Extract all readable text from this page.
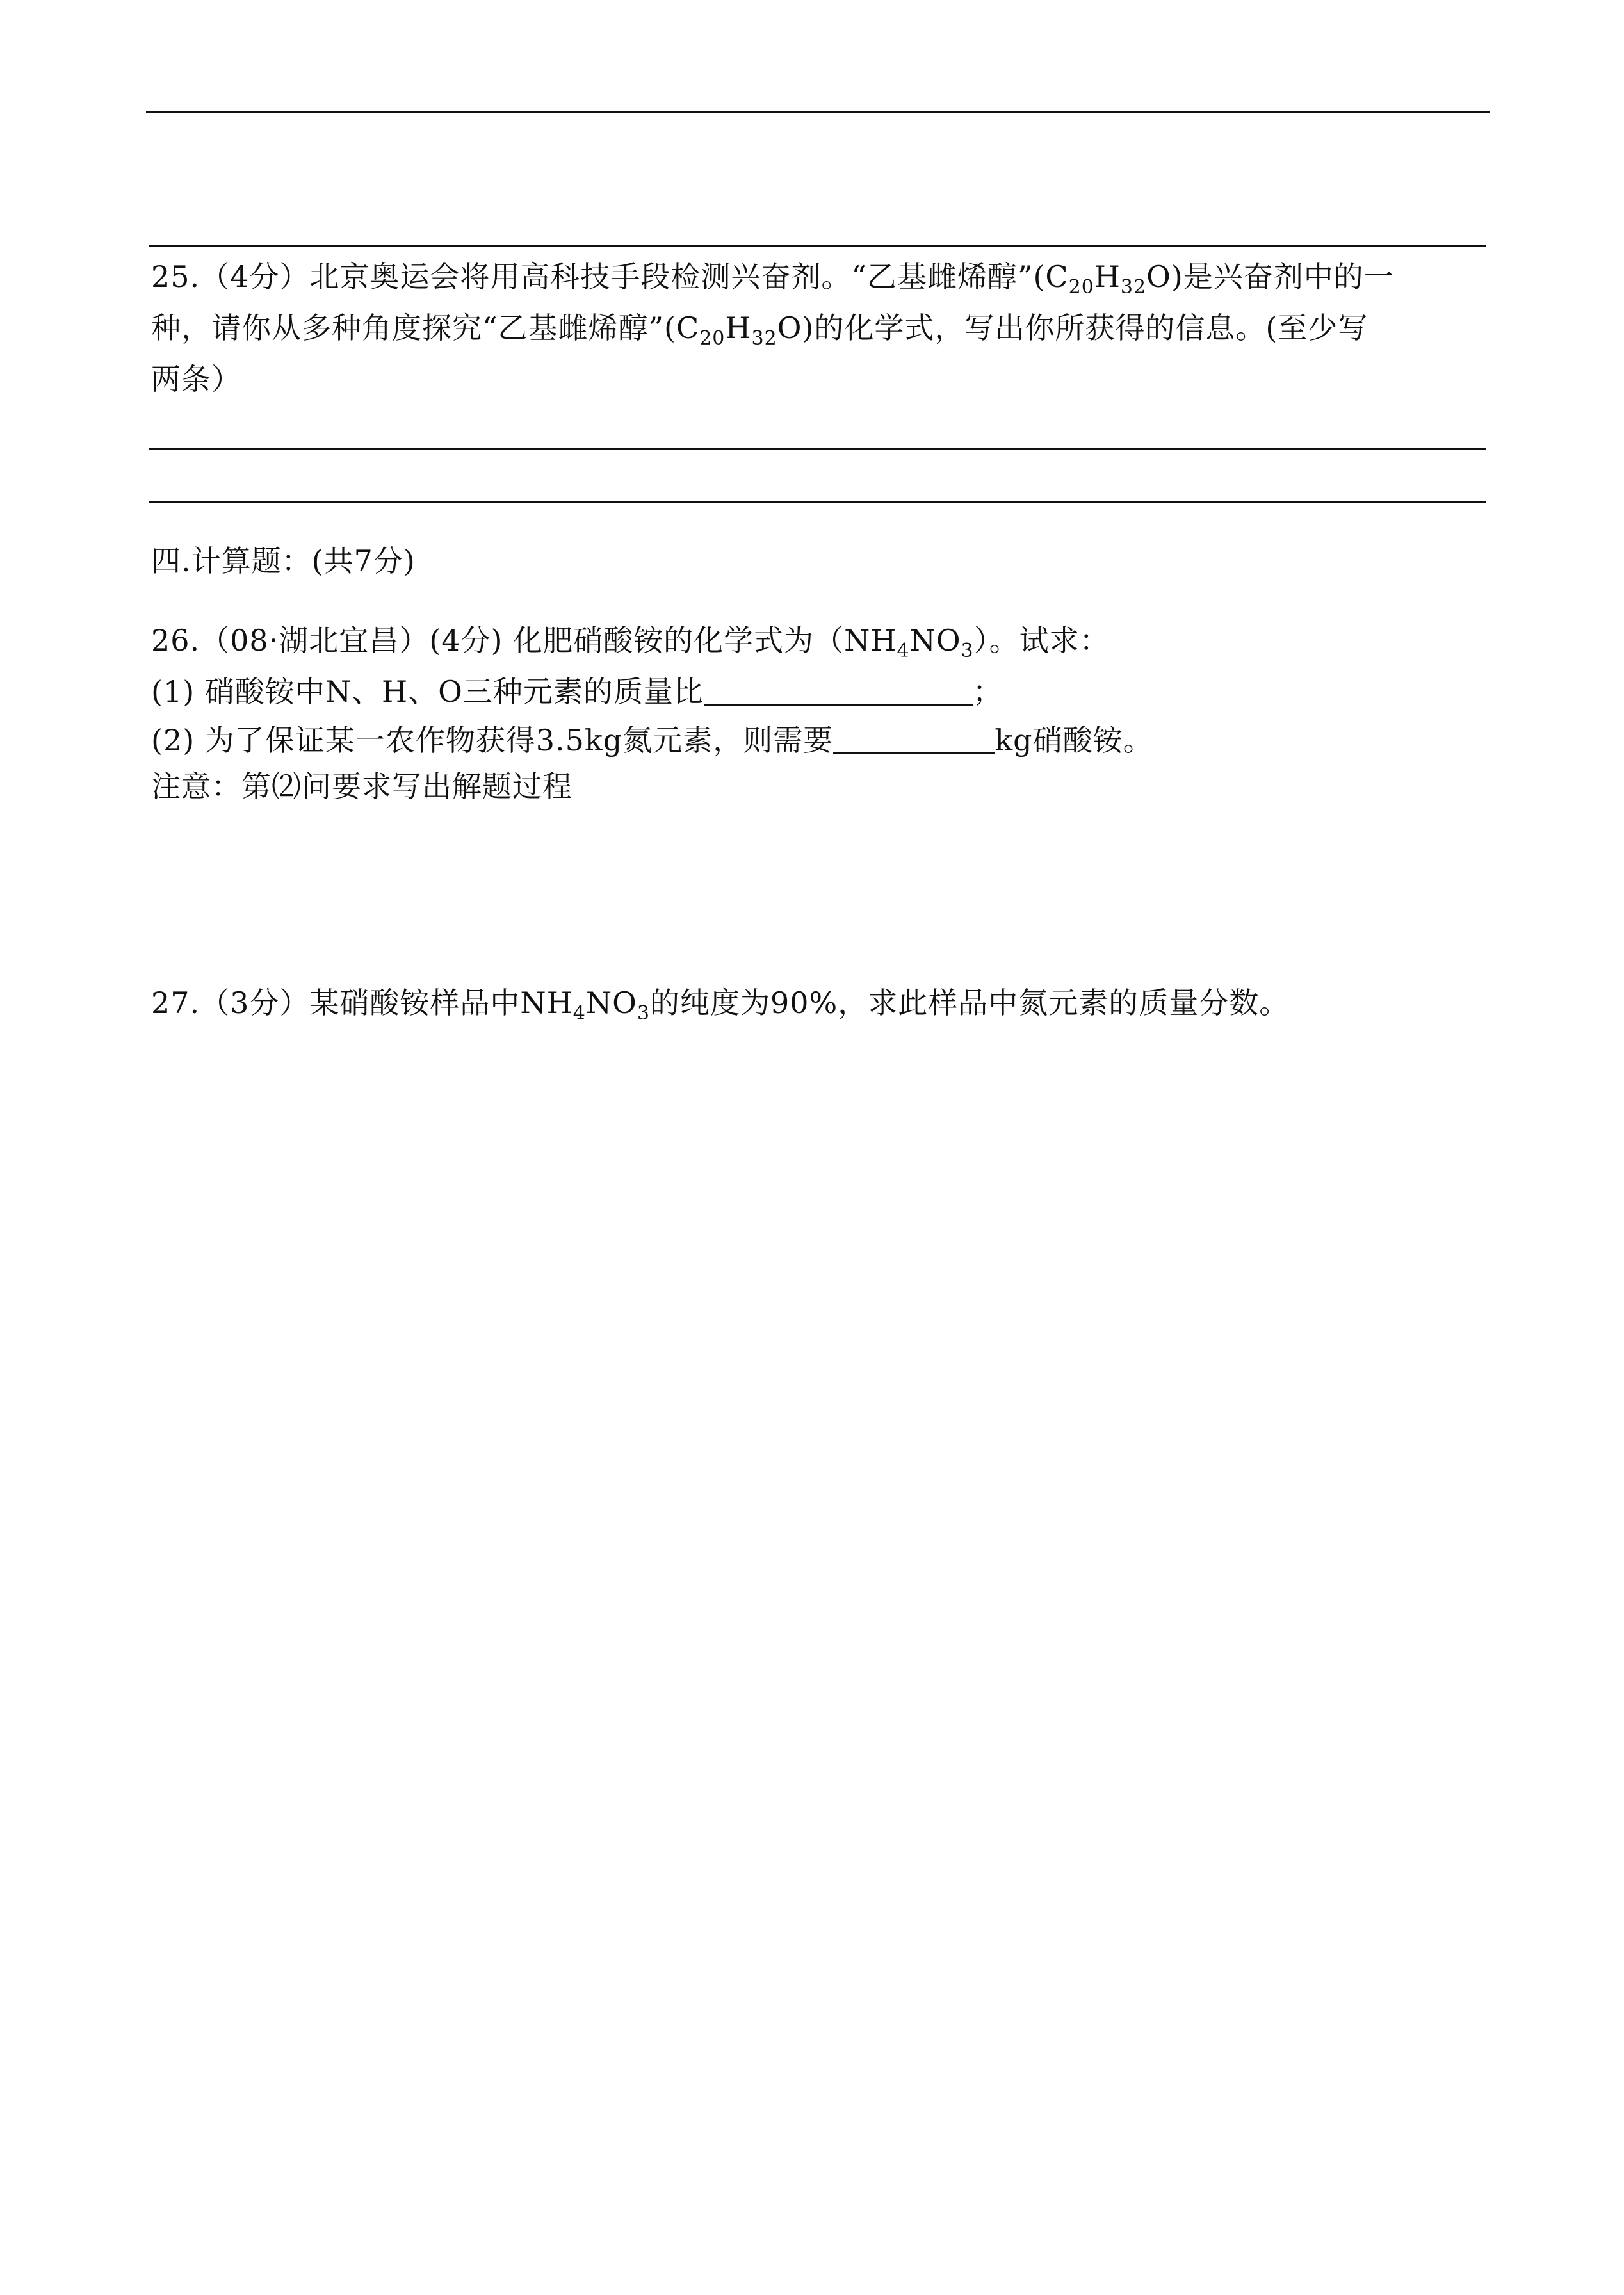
25.（4分）北京奥运会将用高科技手段检测兴奋剂。“乙基雌烯醇$”(C_{20}H_{32}O)$是兴奋剂中的一
种，请你从多种角度探究“乙基雌烯醇$”(C_{20}H_{32}O)$的化学式，写出你所获得的信息。(至少写
两条）
四.计算题：(共7分)
26.（08·湖北宜昌）(4分) 化肥硝酸铵的化学式为$(NH_4NO_3)$。试求：
(1) 硝酸铵中N、H、O三种元素的质量比	；
(2) 为了保证某一农作物获得3.5kg氮元素，则需要	kg硝酸铵。
注意：第⑵问要求写出解题过程
27.（3分）某硝酸铵样品中$NH_4NO_3$的纯度为90%，求此样品中氮元素的质量分数。
